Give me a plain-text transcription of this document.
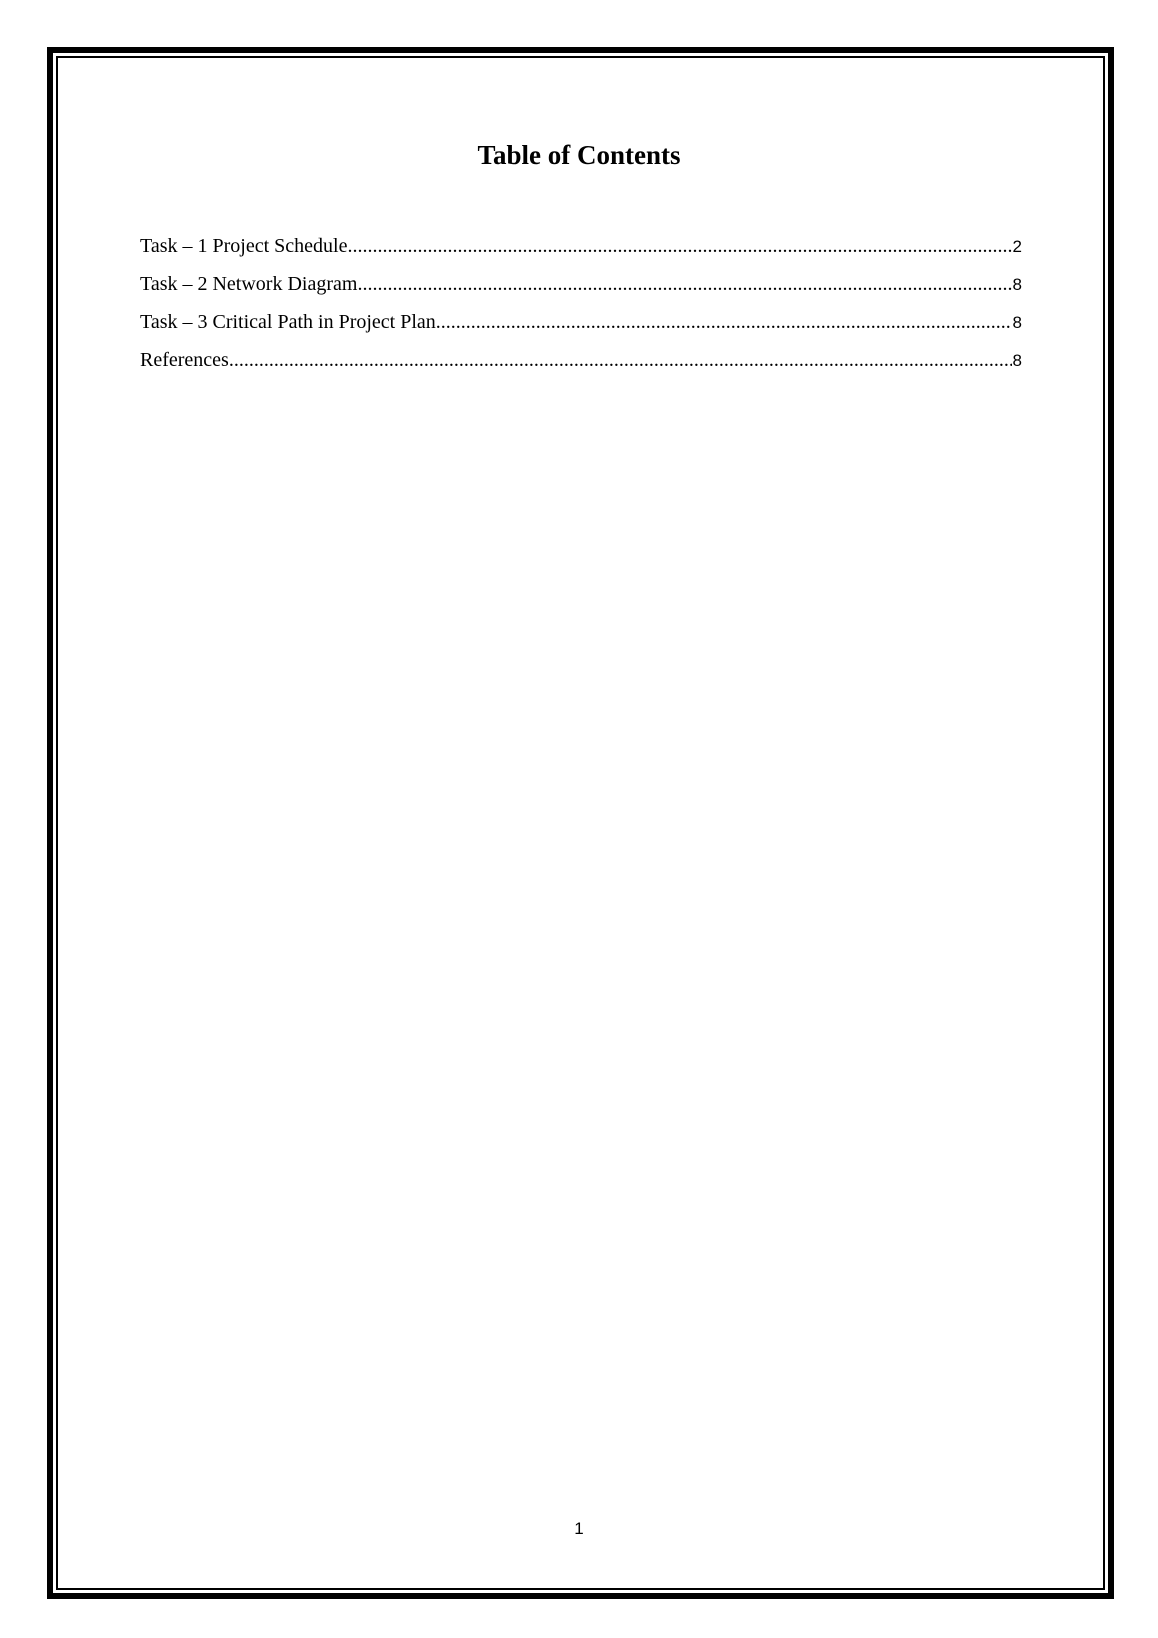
Table of Contents
Task – 1 Project Schedule .....	2
Task – 2 Network Diagram .....	8
Task – 3 Critical Path in Project Plan .....	8
References .....	8
1
